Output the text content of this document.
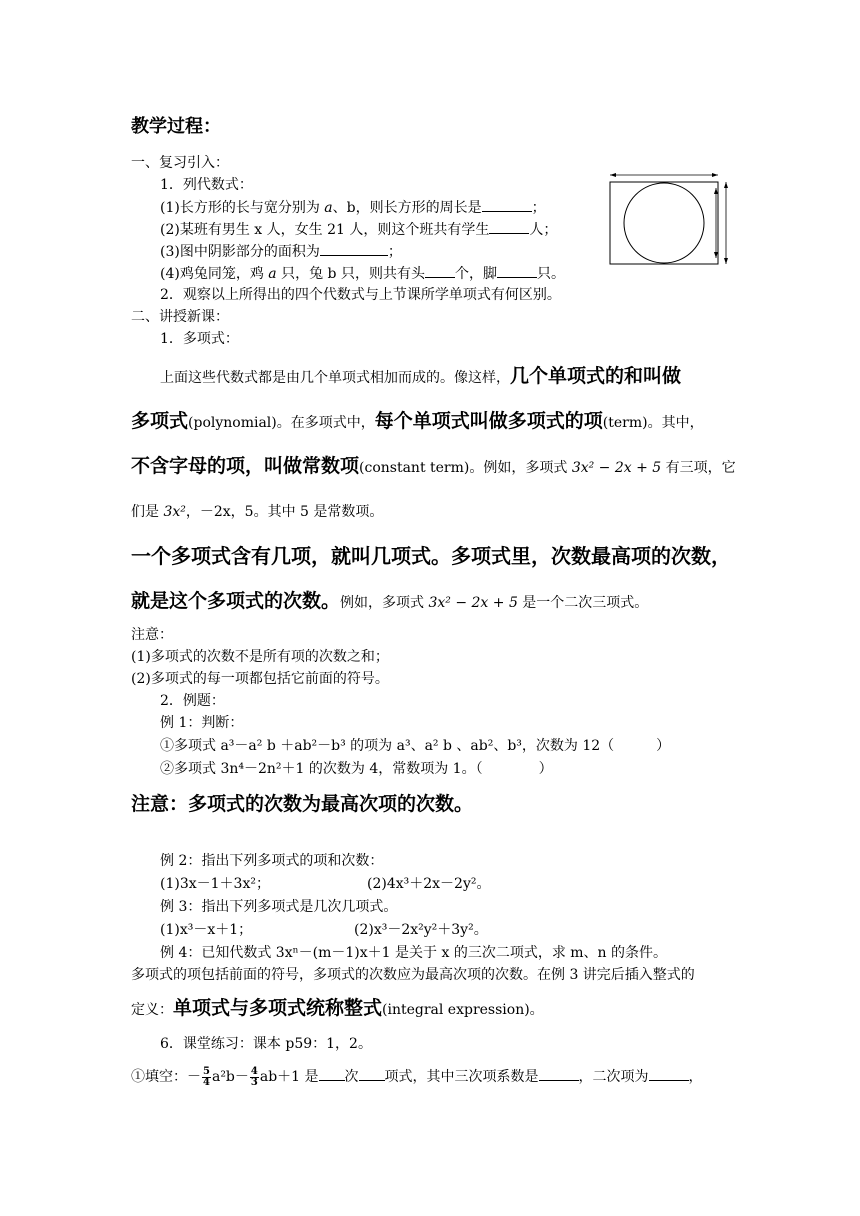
教学过程：
一、复习引入：
1．列代数式：
(1)长方形的长与宽分别为 a、b，则长方形的周长是	；
(2)某班有男生 x 人，女生 21 人，则这个班共有学生	人；
(3)图中阴影部分的面积为	；
(4)鸡兔同笼，鸡 a 只，兔 b 只，则共有头 个，脚	只。
2．观察以上所得出的四个代数式与上节课所学单项式有何区别。
二、讲授新课：
1．多项式：
上面这些代数式都是由几个单项式相加而成的。像这样，几个单项式的和叫做
多项式(polynomial)。在多项式中，每个单项式叫做多项式的项(term)。其中，
不含字母的项，叫做常数项(constant term)。例如，多项式 3x² − 2x + 5 有三项，它
们是 3x²，－2x，5。其中 5 是常数项。
一个多项式含有几项，就叫几项式。多项式里，次数最高项的次数，
就是这个多项式的次数。例如，多项式 3x² − 2x + 5 是一个二次三项式。
注意：
(1)多项式的次数不是所有项的次数之和；
(2)多项式的每一项都包括它前面的符号。
2．例题：
例 1：判断：
①多项式 a³－a² b ＋ab²－b³ 的项为 a³、a² b 、ab²、b³，次数为 12（　　　）
②多项式 3n⁴－2n²＋1 的次数为 4，常数项为 1。（　　　　）
注意：多项式的次数为最高次项的次数。
例 2：指出下列多项式的项和次数：
(1)3x－1＋3x²；	(2)4x³＋2x－2y²。
例 3：指出下列多项式是几次几项式。
(1)x³－x＋1；	(2)x³－2x²y²＋3y²。
例 4：已知代数式 3xⁿ－(m－1)x＋1 是关于 x 的三次二项式，求 m、n 的条件。
多项式的项包括前面的符号，多项式的次数应为最高次项的次数。在例 3 讲完后插入整式的
定义：单项式与多项式统称整式(integral expression)。
6．课堂练习：课本 p59：1，2。
①填空：－ $\frac{5}{4} a^2b- \frac{4}{3} ab+1$ 是 次 项式，其中三次项系数是	，二次项为	，
